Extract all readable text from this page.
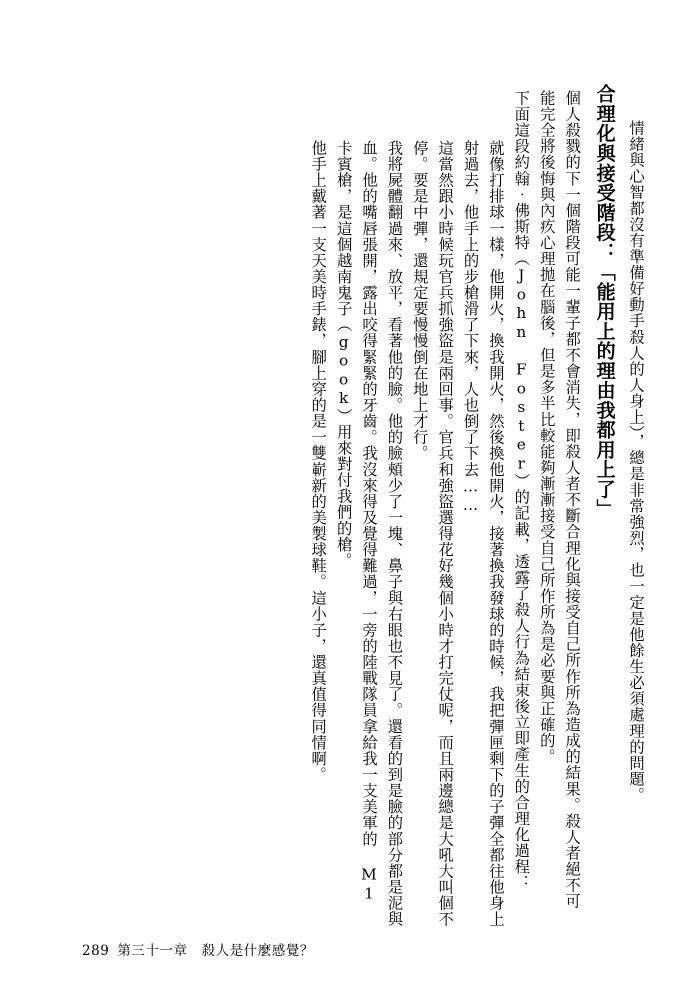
情緒與心智都沒有準備好動手殺人的人身上），總是非常強烈，也一定是他餘生必須處理的問題。
合理化與接受階段：「能用上的理由我都用上了」
個人殺戮的下一個階段可能一輩子都不會消失，即殺人者不斷合理化與接受自己所作所為造成的結果。殺人者絕不可能完全將後悔與內疚心理拋在腦後，但是多半比較能夠漸漸接受自己所作所為是必要與正確的。
下面這段約翰‧佛斯特（John Foster）的記載，透露了殺人行為結束後立即產生的合理化過程：
就像打排球一樣，他開火，換我開火，然後換他開火，接著換我發球的時候，我把彈匣剩下的子彈全都往他身上射過去，他手上的步槍滑了下來，人也倒了下去……
這當然跟小時候玩官兵抓強盜是兩回事。官兵和強盜選得花好幾個小時才打完仗呢，而且兩邊總是大吼大叫個不停。要是中彈，還規定要慢慢倒在地上才行。
我將屍體翻過來、放平，看著他的臉。他的臉頰少了一塊、鼻子與右眼也不見了。還看的到是臉的部分都是泥與血。他的嘴唇張開，露出咬得緊緊的牙齒。我沒來得及覺得難過，一旁的陸戰隊員拿給我一支美軍的 M1 卡賓槍，是這個越南鬼子（gook）用來對付我們的槍。
他手上戴著一支天美時手錶，腳上穿的是一雙嶄新的美製球鞋。這小子，還真值得同情啊。
289 第三十一章　殺人是什麼感覺？
